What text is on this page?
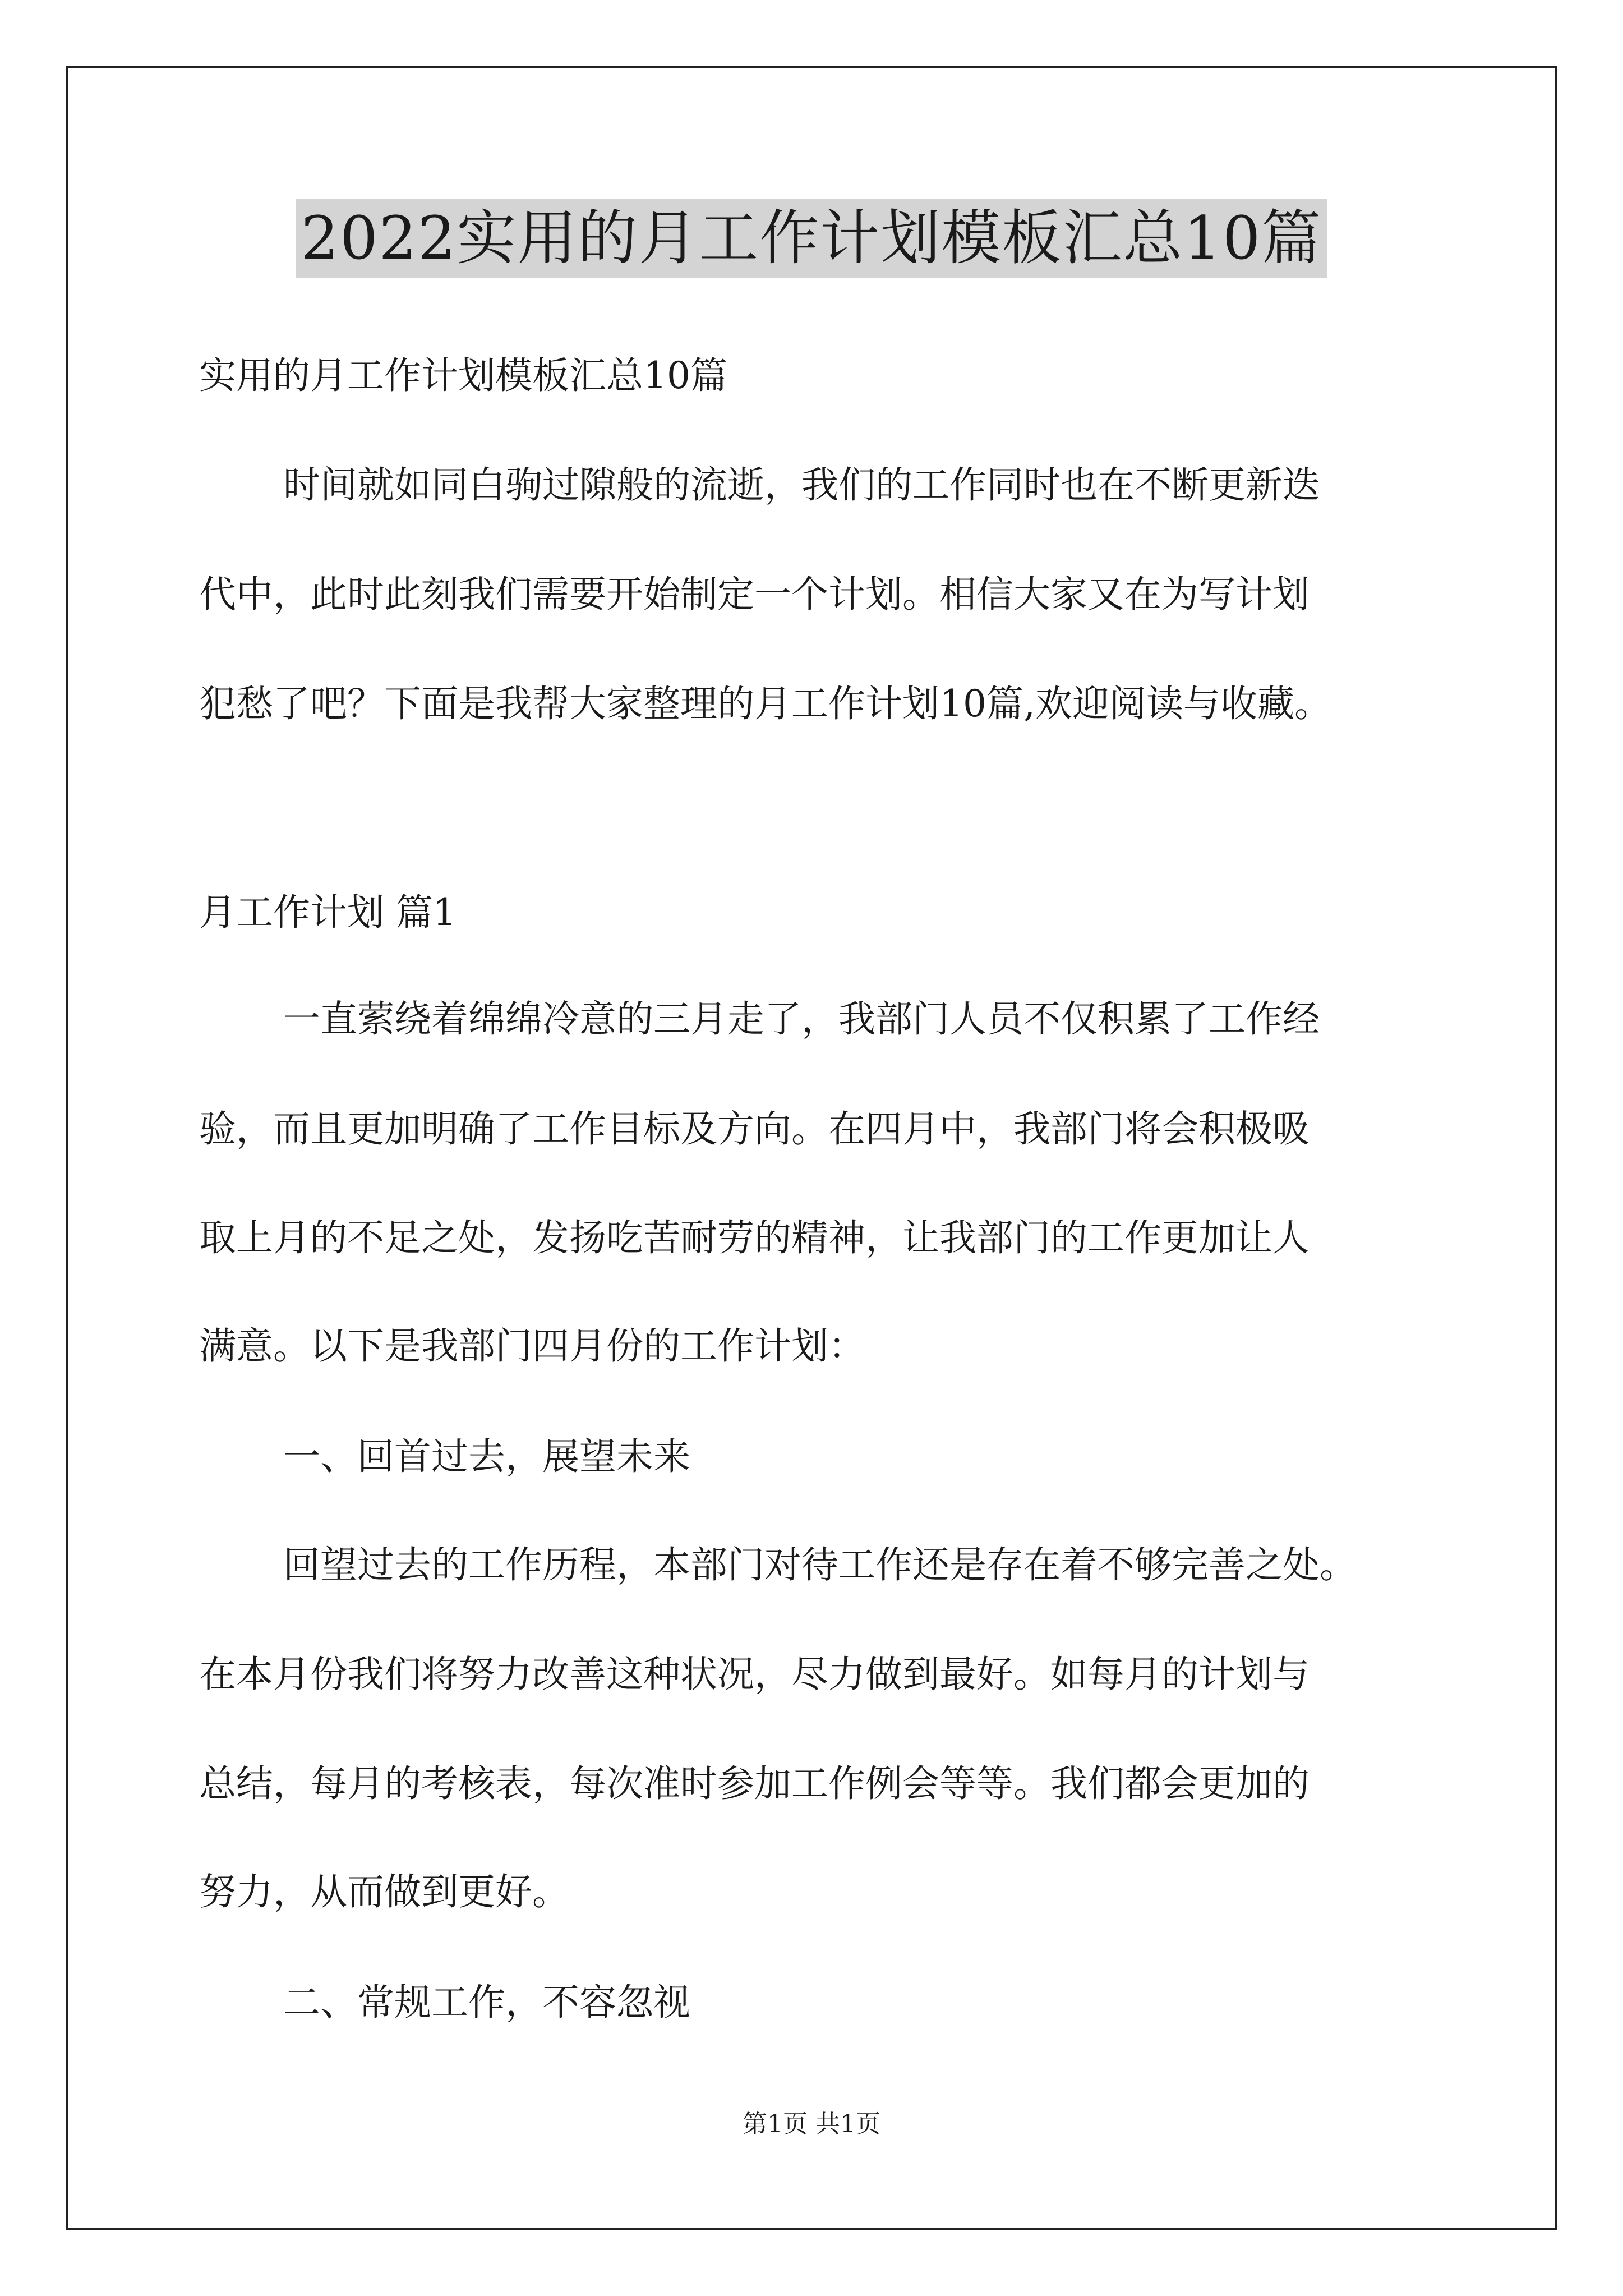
2022实用的月工作计划模板汇总10篇
实用的月工作计划模板汇总10篇
时间就如同白驹过隙般的流逝，我们的工作同时也在不断更新迭
代中，此时此刻我们需要开始制定一个计划。相信大家又在为写计划
犯愁了吧？下面是我帮大家整理的月工作计划10篇,欢迎阅读与收藏。
月工作计划 篇1
一直萦绕着绵绵冷意的三月走了，我部门人员不仅积累了工作经
验，而且更加明确了工作目标及方向。在四月中，我部门将会积极吸
取上月的不足之处，发扬吃苦耐劳的精神，让我部门的工作更加让人
满意。以下是我部门四月份的工作计划：
一、回首过去，展望未来
回望过去的工作历程，本部门对待工作还是存在着不够完善之处。
在本月份我们将努力改善这种状况，尽力做到最好。如每月的计划与
总结，每月的考核表，每次准时参加工作例会等等。我们都会更加的
努力，从而做到更好。
二、常规工作，不容忽视
第1页 共1页
